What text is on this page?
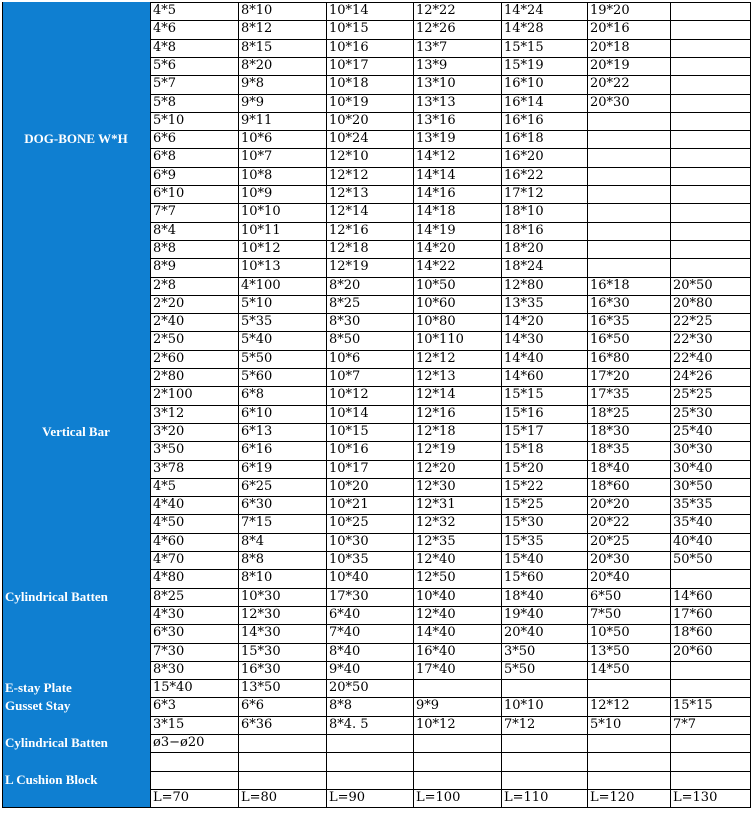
DOG-BONE W*H
4*5	8*10	10*14	12*22	14*24	19*20
4*6	8*12	10*15	12*26	14*28	20*16
4*8	8*15	10*16	13*7	15*15	20*18
5*6	8*20	10*17	13*9	15*19	20*19
5*7	9*8	10*18	13*10	16*10	20*22
5*8	9*9	10*19	13*13	16*14	20*30
5*10	9*11	10*20	13*16	16*16
6*6	10*6	10*24	13*19	16*18
6*8	10*7	12*10	14*12	16*20
6*9	10*8	12*12	14*14	16*22
6*10	10*9	12*13	14*16	17*12
7*7	10*10	12*14	14*18	18*10
8*4	10*11	12*16	14*19	18*16
8*8	10*12	12*18	14*20	18*20
8*9	10*13	12*19	14*22	18*24
Vertical Bar
2*8	4*100	8*20	10*50	12*80	16*18	20*50
2*20	5*10	8*25	10*60	13*35	16*30	20*80
2*40	5*35	8*30	10*80	14*20	16*35	22*25
2*50	5*40	8*50	10*110	14*30	16*50	22*30
2*60	5*50	10*6	12*12	14*40	16*80	22*40
2*80	5*60	10*7	12*13	14*60	17*20	24*26
2*100	6*8	10*12	12*14	15*15	17*35	25*25
3*12	6*10	10*14	12*16	15*16	18*25	25*30
3*20	6*13	10*15	12*18	15*17	18*30	25*40
3*50	6*16	10*16	12*19	15*18	18*35	30*30
3*78	6*19	10*17	12*20	15*20	18*40	30*40
4*5	6*25	10*20	12*30	15*22	18*60	30*50
4*40	6*30	10*21	12*31	15*25	20*20	35*35
4*50	7*15	10*25	12*32	15*30	20*22	35*40
4*60	8*4	10*30	12*35	15*35	20*25	40*40
4*70	8*8	10*35	12*40	15*40	20*30	50*50
4*80	8*10	10*40	12*50	15*60	20*40
Cylindrical Batten	8*25	10*30	17*30	10*40	18*40	6*50	14*60
4*30	12*30	6*40	12*40	19*40	7*50	17*60
6*30	14*30	7*40	14*40	20*40	10*50	18*60
7*30	15*30	8*40	16*40	3*50	13*50	20*60
8*30	16*30	9*40	17*40	5*50	14*50
E-stay Plate	15*40	13*50	20*50
Gusset Stay	6*3	6*6	8*8	9*9	10*10	12*12	15*15
3*15	6*36	8*4. 5	10*12	7*12	5*10	7*7
Cylindrical Batten	ø3−ø20
L Cushion Block
L=70	L=80	L=90	L=100	L=110	L=120	L=130
